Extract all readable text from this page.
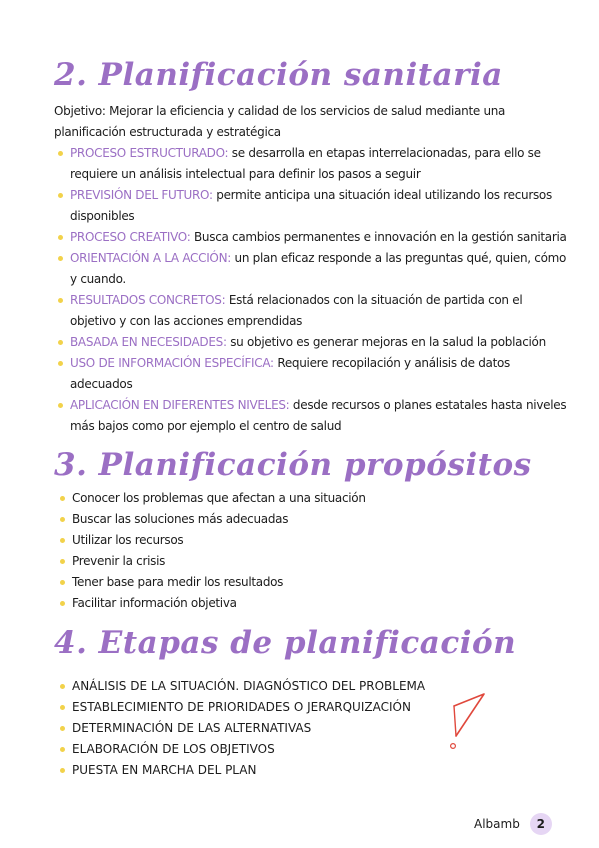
2. Planificación sanitaria

Objetivo: Mejorar la eficiencia y calidad de los servicios de salud mediante una planificación estructurada y estratégica

PROCESO ESTRUCTURADO: se desarrolla en etapas interrelacionadas, para ello se requiere un análisis intelectual para definir los pasos a seguir
PREVISIÓN DEL FUTURO: permite anticipa una situación ideal utilizando los recursos disponibles
PROCESO CREATIVO: Busca cambios permanentes e innovación en la gestión sanitaria
ORIENTACIÓN A LA ACCIÓN: un plan eficaz responde a las preguntas qué, quien, cómo y cuando.
RESULTADOS CONCRETOS: Está relacionados con la situación de partida con el objetivo y con las acciones emprendidas
BASADA EN NECESIDADES: su objetivo es generar mejoras en la salud la población
USO DE INFORMACIÓN ESPECÍFICA: Requiere recopilación y análisis de datos adecuados
APLICACIÓN EN DIFERENTES NIVELES: desde recursos o planes estatales hasta niveles más bajos como por ejemplo el centro de salud
3. Planificación propósitos
Conocer los problemas que afectan a una situación
Buscar las soluciones más adecuadas
Utilizar los recursos
Prevenir la crisis
Tener base para medir los resultados
Facilitar información objetiva
4. Etapas de planificación
ANÁLISIS DE LA SITUACIÓN. DIAGNÓSTICO DEL PROBLEMA
ESTABLECIMIENTO DE PRIORIDADES O JERARQUIZACIÓN
DETERMINACIÓN DE LAS ALTERNATIVAS
ELABORACIÓN DE LOS OBJETIVOS
PUESTA EN MARCHA DEL PLAN
Albamb	2
